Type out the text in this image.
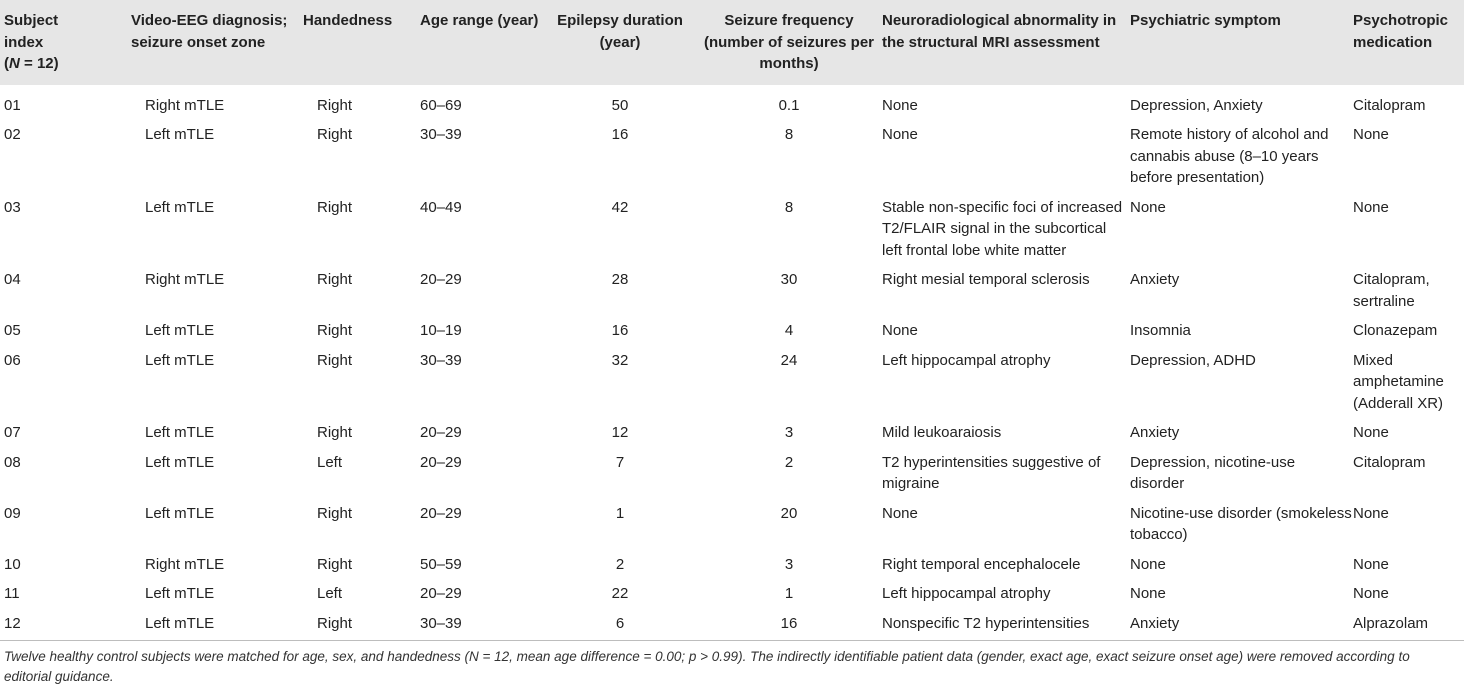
Subject
index
(N = 12)	Video-EEG diagnosis; seizure onset zone	Handedness	Age range (year)	Epilepsy duration (year)	Seizure frequency (number of seizures per months)	Neuroradiological abnormality in the structural MRI assessment	Psychiatric symptom	Psychotropic medication
01	Right mTLE	Right	60–69	50	0.1	None	Depression, Anxiety	Citalopram
02	Left mTLE	Right	30–39	16	8	None	Remote history of alcohol and cannabis abuse (8–10 years before presentation)	None
03	Left mTLE	Right	40–49	42	8	Stable non-specific foci of increased T2/FLAIR signal in the subcortical left frontal lobe white matter	None	None
04	Right mTLE	Right	20–29	28	30	Right mesial temporal sclerosis	Anxiety	Citalopram, sertraline
05	Left mTLE	Right	10–19	16	4	None	Insomnia	Clonazepam
06	Left mTLE	Right	30–39	32	24	Left hippocampal atrophy	Depression, ADHD	Mixed amphetamine (Adderall XR)
07	Left mTLE	Right	20–29	12	3	Mild leukoaraiosis	Anxiety	None
08	Left mTLE	Left	20–29	7	2	T2 hyperintensities suggestive of migraine	Depression, nicotine-use disorder	Citalopram
09	Left mTLE	Right	20–29	1	20	None	Nicotine-use disorder (smokeless tobacco)	None
10	Right mTLE	Right	50–59	2	3	Right temporal encephalocele	None	None
11	Left mTLE	Left	20–29	22	1	Left hippocampal atrophy	None	None
12	Left mTLE	Right	30–39	6	16	Nonspecific T2 hyperintensities	Anxiety	Alprazolam
Twelve healthy control subjects were matched for age, sex, and handedness (N = 12, mean age difference = 0.00; p > 0.99). The indirectly identifiable patient data (gender, exact age, exact seizure onset age) were removed according to editorial guidance.
